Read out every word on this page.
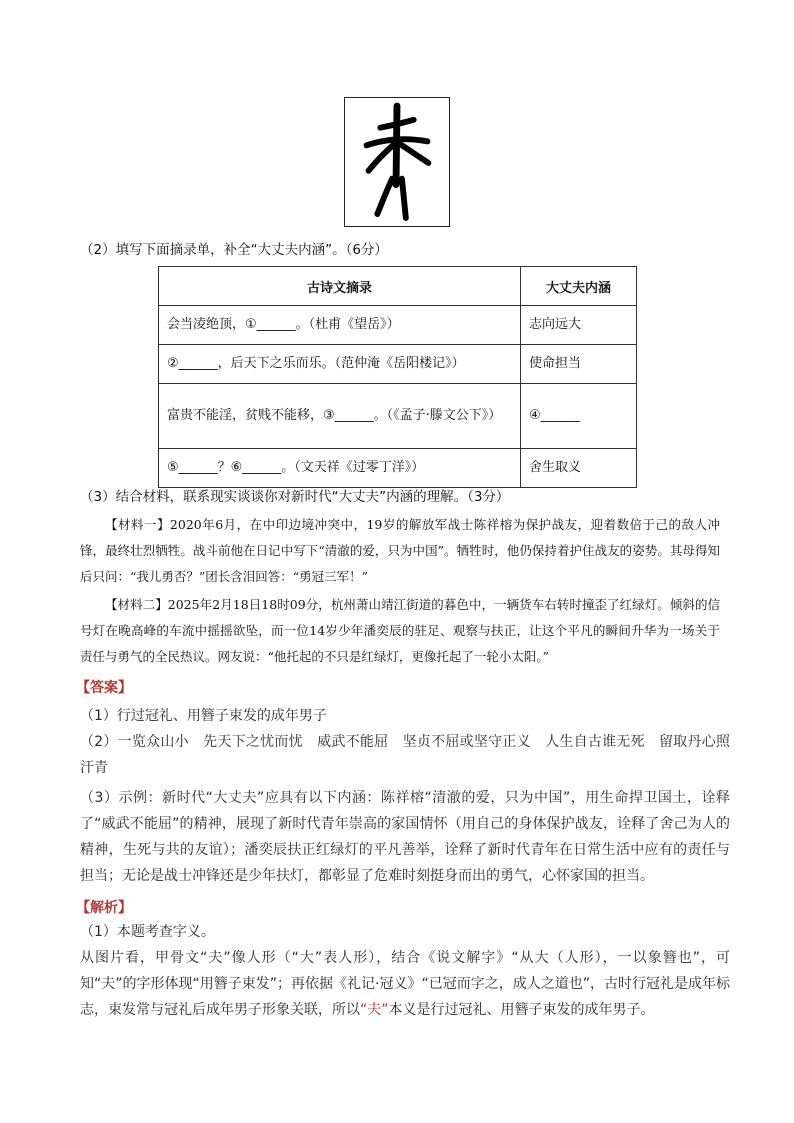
（2）填写下面摘录单，补全“大丈夫内涵”。（6分）
古诗文摘录	大丈夫内涵
会当凌绝顶，①______。（杜甫《望岳》）	志向远大
②______，后天下之乐而乐。（范仲淹《岳阳楼记》）	使命担当
富贵不能淫，贫贱不能移，③______。（《孟子·滕文公下》）	④______
⑤______？⑥______。（文天祥《过零丁洋》）	舍生取义
（3）结合材料，联系现实谈谈你对新时代“大丈夫”内涵的理解。（3分）
【材料一】2020年6月，在中印边境冲突中，19岁的解放军战士陈祥榕为保护战友，迎着数倍于己的敌人冲锋，最终壮烈牺牲。战斗前他在日记中写下“清澈的爱，只为中国”。牺牲时，他仍保持着护住战友的姿势。其母得知后只问：“我儿勇否？”团长含泪回答：“勇冠三军！”
【材料二】2025年2月18日18时09分，杭州萧山靖江街道的暮色中，一辆货车右转时撞歪了红绿灯。倾斜的信号灯在晚高峰的车流中摇摇欲坠，而一位14岁少年潘奕辰的驻足、观察与扶正，让这个平凡的瞬间升华为一场关于责任与勇气的全民热议。网友说：“他托起的不只是红绿灯，更像托起了一轮小太阳。”
【答案】
（1）行过冠礼、用簪子束发的成年男子
（2）一览众山小 先天下之忧而忧 威武不能屈 坚贞不屈或坚守正义 人生自古谁无死 留取丹心照汗青
（3）示例：新时代“大丈夫”应具有以下内涵：陈祥榕“清澈的爱，只为中国”，用生命捍卫国土，诠释了“威武不能屈”的精神，展现了新时代青年崇高的家国情怀（用自己的身体保护战友，诠释了舍己为人的精神，生死与共的友谊）；潘奕辰扶正红绿灯的平凡善举，诠释了新时代青年在日常生活中应有的责任与担当；无论是战士冲锋还是少年扶灯，都彰显了危难时刻挺身而出的勇气，心怀家国的担当。
【解析】
（1）本题考查字义。
从图片看，甲骨文“夫”像人形（“大”表人形），结合《说文解字》“从大（人形），一以象簪也”，可知“夫”的字形体现“用簪子束发”；再依据《礼记·冠义》“已冠而字之，成人之道也”，古时行冠礼是成年标志，束发常与冠礼后成年男子形象关联，所以“夫”本义是行过冠礼、用簪子束发的成年男子。
